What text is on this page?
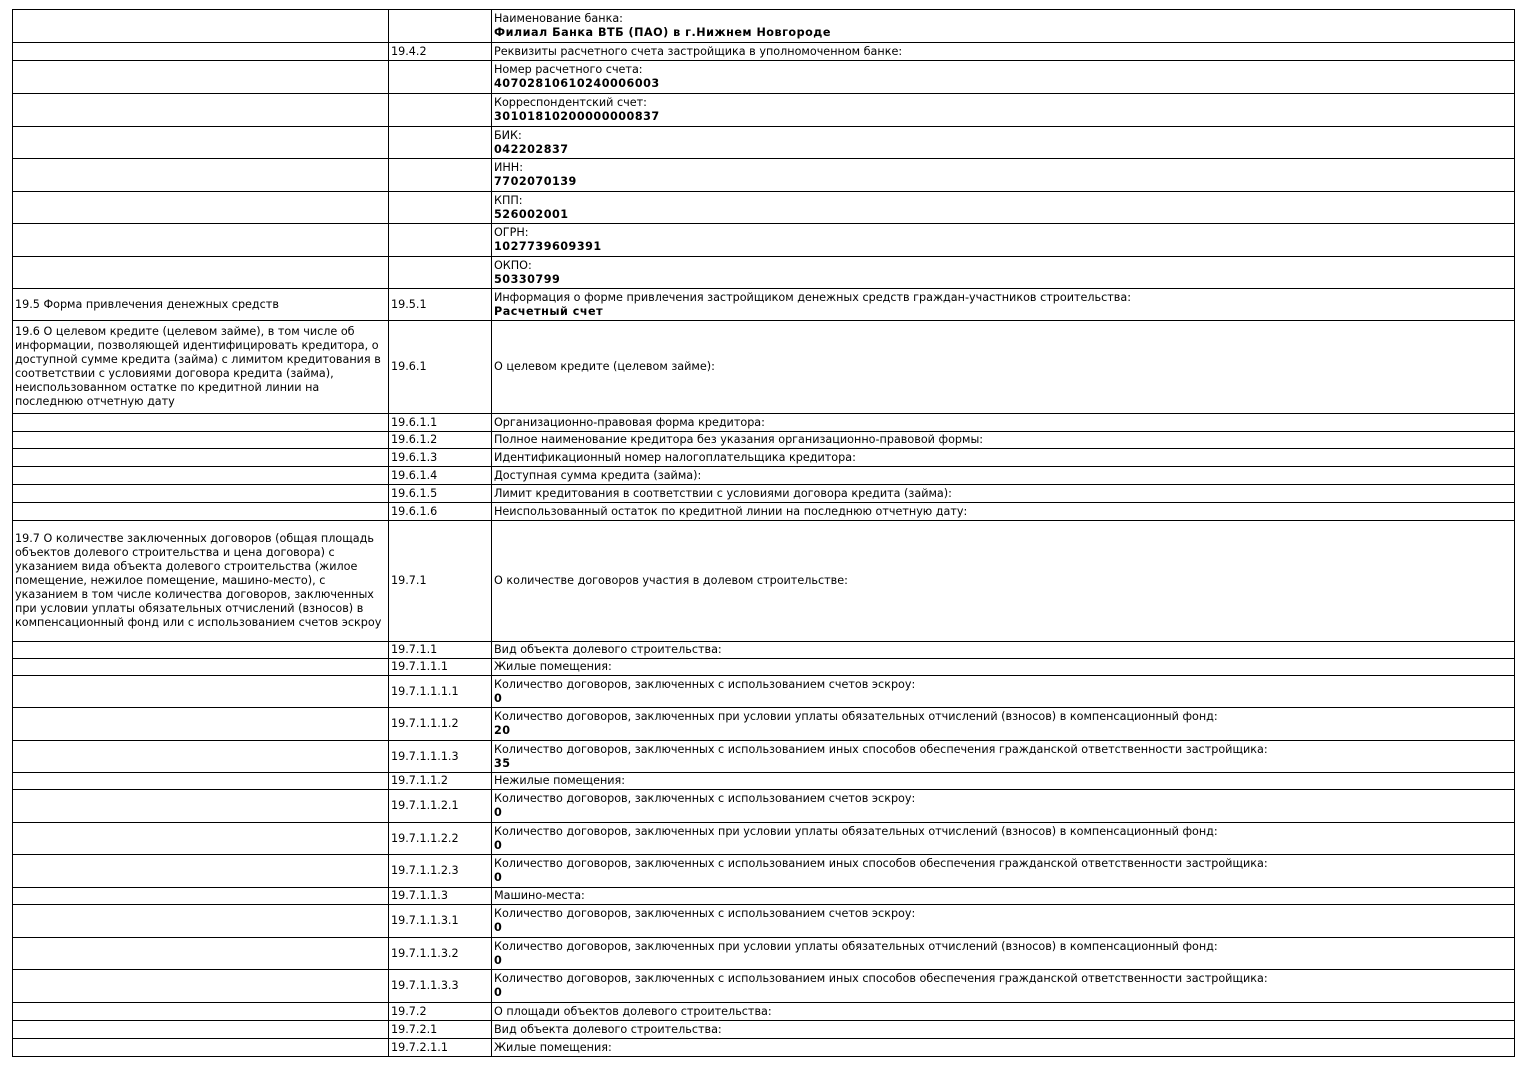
		Наименование банка:
Филиал Банка ВТБ (ПАО) в г.Нижнем Новгороде

	19.4.2	Реквизиты расчетного счета застройщика в уполномоченном банке:

		Номер расчетного счета:
40702810610240006003

		Корреспондентский счет:
30101810200000000837

		БИК:
042202837

		ИНН:
7702070139

		КПП:
526002001

		ОГРН:
1027739609391

		ОКПО:
50330799

19.5 Форма привлечения денежных средств	19.5.1	Информация о форме привлечения застройщиком денежных средств граждан-участников строительства:
Расчетный счет

19.6 О целевом кредите (целевом займе), в том числе об информации, позволяющей идентифицировать кредитора, о доступной сумме кредита (займа) с лимитом кредитования в соответствии с условиями договора кредита (займа), неиспользованном остатке по кредитной линии на последнюю отчетную дату	19.6.1	О целевом кредите (целевом займе):

	19.6.1.1	Организационно-правовая форма кредитора:

	19.6.1.2	Полное наименование кредитора без указания организационно-правовой формы:

	19.6.1.3	Идентификационный номер налогоплательщика кредитора:

	19.6.1.4	Доступная сумма кредита (займа):

	19.6.1.5	Лимит кредитования в соответствии с условиями договора кредита (займа):

	19.6.1.6	Неиспользованный остаток по кредитной линии на последнюю отчетную дату:

19.7 О количестве заключенных договоров (общая площадь объектов долевого строительства и цена договора) с указанием вида объекта долевого строительства (жилое помещение, нежилое помещение, машино-место), с указанием в том числе количества договоров, заключенных при условии уплаты обязательных отчислений (взносов) в компенсационный фонд или с использованием счетов эскроу	19.7.1	О количестве договоров участия в долевом строительстве:

	19.7.1.1	Вид объекта долевого строительства:

	19.7.1.1.1	Жилые помещения:

	19.7.1.1.1.1	Количество договоров, заключенных с использованием счетов эскроу:
0

	19.7.1.1.1.2	Количество договоров, заключенных при условии уплаты обязательных отчислений (взносов) в компенсационный фонд:
20

	19.7.1.1.1.3	Количество договоров, заключенных с использованием иных способов обеспечения гражданской ответственности застройщика:
35

	19.7.1.1.2	Нежилые помещения:

	19.7.1.1.2.1	Количество договоров, заключенных с использованием счетов эскроу:
0

	19.7.1.1.2.2	Количество договоров, заключенных при условии уплаты обязательных отчислений (взносов) в компенсационный фонд:
0

	19.7.1.1.2.3	Количество договоров, заключенных с использованием иных способов обеспечения гражданской ответственности застройщика:
0

	19.7.1.1.3	Машино-места:

	19.7.1.1.3.1	Количество договоров, заключенных с использованием счетов эскроу:
0

	19.7.1.1.3.2	Количество договоров, заключенных при условии уплаты обязательных отчислений (взносов) в компенсационный фонд:
0

	19.7.1.1.3.3	Количество договоров, заключенных с использованием иных способов обеспечения гражданской ответственности застройщика:
0

	19.7.2	О площади объектов долевого строительства:

	19.7.2.1	Вид объекта долевого строительства:

	19.7.2.1.1	Жилые помещения:
